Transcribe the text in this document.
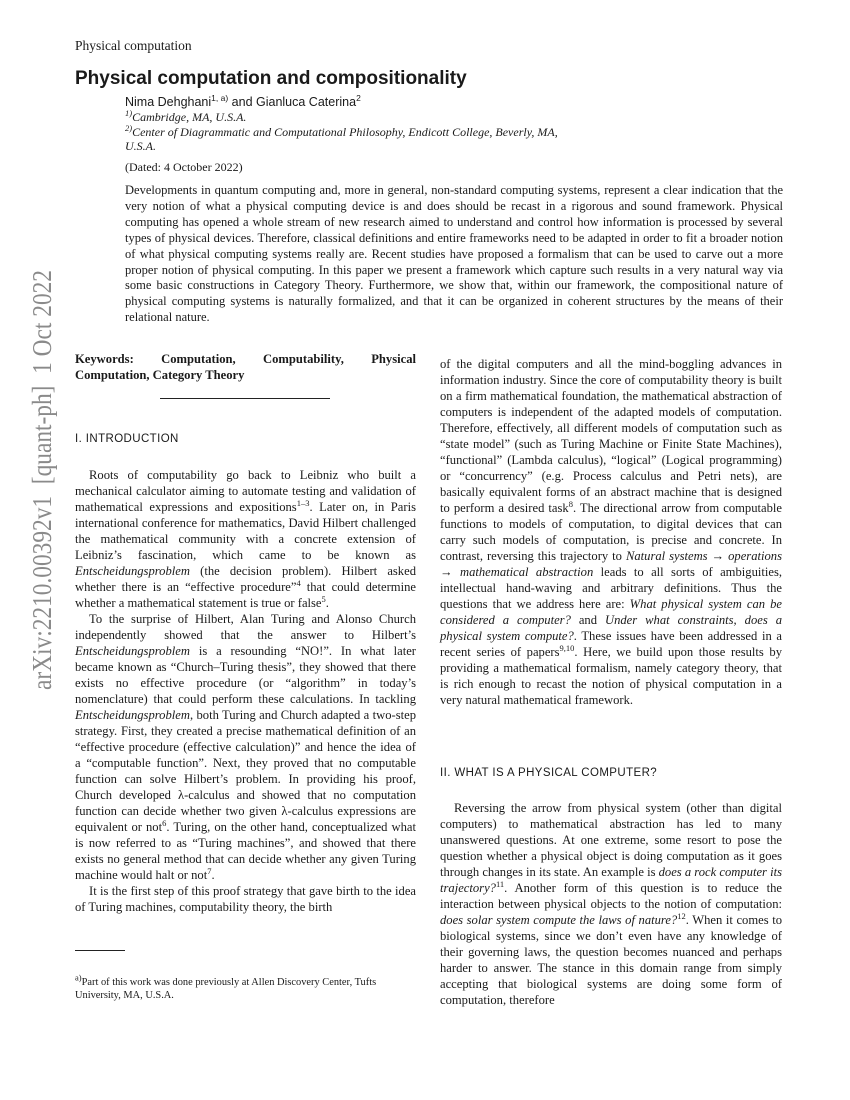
Physical computation
Physical computation and compositionality
Nima Dehghani$^{1, a)}$ and Gianluca Caterina$^2$
$^{1)}$Cambridge, MA, U.S.A.
$^{2)}$Center of Diagrammatic and Computational Philosophy, Endicott College, Beverly, MA,
U.S.A.
(Dated: 4 October 2022)
Developments in quantum computing and, more in general, non-standard computing systems, represent a clear indication that the very notion of what a physical computing device is and does should be recast in a rigorous and sound framework. Physical computing has opened a whole stream of new research aimed to understand and control how information is processed by several types of physical devices. Therefore, classical definitions and entire frameworks need to be adapted in order to fit a broader notion of what physical computing systems really are. Recent studies have proposed a formalism that can be used to carve out a more proper notion of physical computing. In this paper we present a framework which capture such results in a very natural way via some basic constructions in Category Theory. Furthermore, we show that, within our framework, the compositional nature of physical computing systems is naturally formalized, and that it can be organized in coherent structures by the means of their relational nature.
arXiv:2210.00392v1  [quant-ph]  1 Oct 2022 Keywords: Computation, Computability, Physical Computation, Category Theory
I. INTRODUCTION

Roots of computability go back to Leibniz who built a mechanical calculator aiming to automate testing and validation of mathematical expressions and expositions$^{1-3}$. Later on, in Paris international conference for mathematics, David Hilbert challenged the mathematical community with a concrete extension of Leibniz’s fascination, which came to be known as Entscheidungsproblem (the decision problem). Hilbert asked whether there is an “effective procedure”$^4$ that could determine whether a mathematical statement is true or false$^5$.

To the surprise of Hilbert, Alan Turing and Alonso Church independently showed that the answer to Hilbert’s Entscheidungsproblem is a resounding “NO!”. In what later became known as “Church–Turing thesis”, they showed that there exists no effective procedure (or “algorithm” in today’s nomenclature) that could perform these calculations. In tackling Entscheidungsproblem, both Turing and Church adapted a two-step strategy. First, they created a precise mathematical definition of an “effective procedure (effective calculation)” and hence the idea of a “computable function”. Next, they proved that no computable function can solve Hilbert’s problem. In providing his proof, Church developed λ-calculus and showed that no computation function can decide whether two given λ-calculus expressions are equivalent or not$^6$. Turing, on the other hand, conceptualized what is now referred to as “Turing machines”, and showed that there exists no general method that can decide whether any given Turing machine would halt or not$^7$.

It is the first step of this proof strategy that gave birth to the idea of Turing machines, computability theory, the birth

$^{a)}$Part of this work was done previously at Allen Discovery Center, Tufts University, MA, U.S.A.

of the digital computers and all the mind-boggling advances in information industry. Since the core of computability theory is built on a firm mathematical foundation, the mathematical abstraction of computers is independent of the adapted models of computation. Therefore, effectively, all different models of computation such as “state model” (such as Turing Machine or Finite State Machines), “functional” (Lambda calculus), “logical” (Logical programming) or “concurrency” (e.g. Process calculus and Petri nets), are basically equivalent forms of an abstract machine that is designed to perform a desired task$^8$. The directional arrow from computable functions to models of computation, to digital devices that can carry such models of computation, is precise and concrete. In contrast, reversing this trajectory to Natural systems → operations → mathematical abstraction leads to all sorts of ambiguities, intellectual hand-waving and arbitrary definitions. Thus the questions that we address here are: What physical system can be considered a computer? and Under what constraints, does a physical system compute?. These issues have been addressed in a recent series of papers$^{9,10}$. Here, we build upon those results by providing a mathematical formalism, namely category theory, that is rich enough to recast the notion of physical computation in a very natural mathematical framework.

II. WHAT IS A PHYSICAL COMPUTER?

Reversing the arrow from physical system (other than digital computers) to mathematical abstraction has led to many unanswered questions. At one extreme, some resort to pose the question whether a physical object is doing computation as it goes through changes in its state. An example is does a rock computer its trajectory?$^{11}$. Another form of this question is to reduce the interaction between physical objects to the notion of computation: does solar system compute the laws of nature?$^{12}$. When it comes to biological systems, since we don’t even have any knowledge of their governing laws, the question becomes nuanced and perhaps harder to answer. The stance in this domain range from simply accepting that biological systems are doing some form of computation, therefore
